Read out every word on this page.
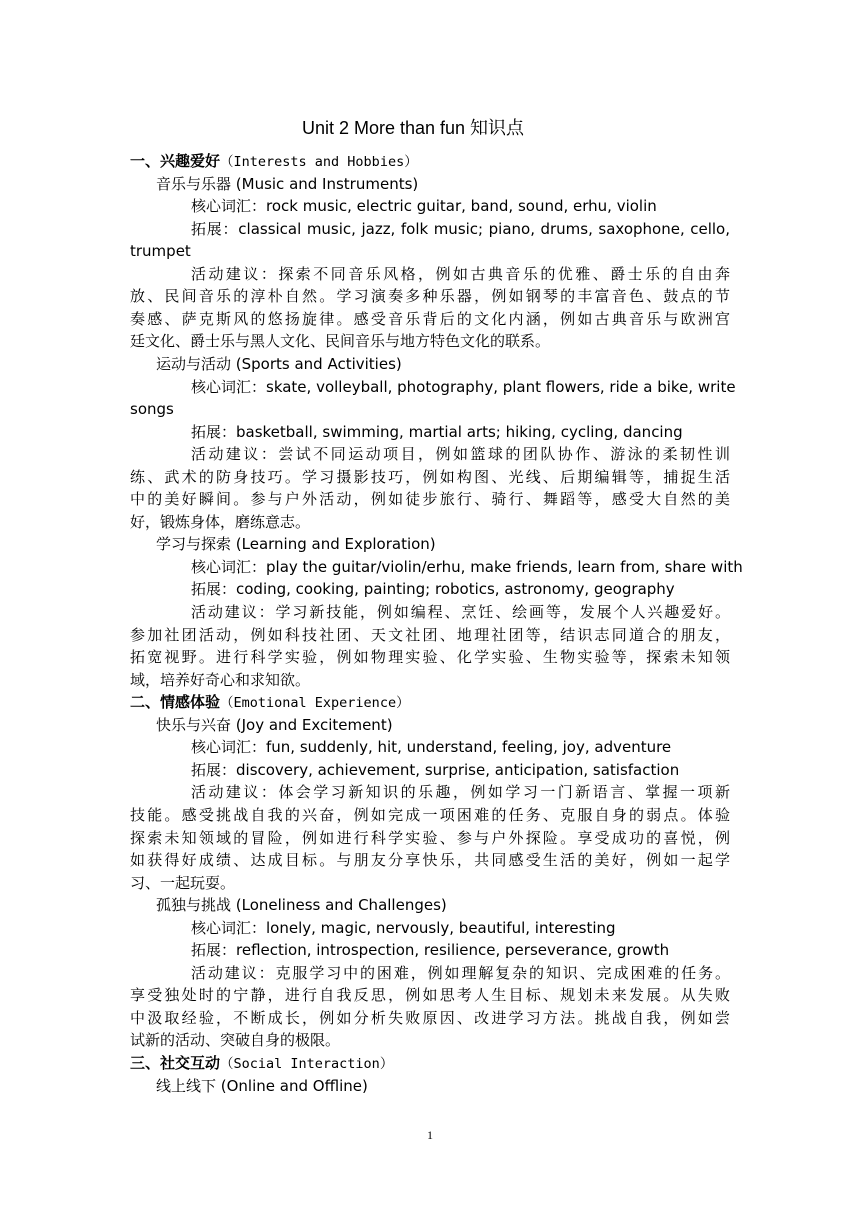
Unit 2 More than fun 知识点
一、兴趣爱好（Interests and Hobbies）
音乐与乐器 (Music and Instruments)
核心词汇：rock music, electric guitar, band, sound, erhu, violin
拓展：classical music, jazz, folk music; piano, drums, saxophone, cello,
trumpet
活动建议：探索不同音乐风格，例如古典音乐的优雅、爵士乐的自由奔
放、民间音乐的淳朴自然。学习演奏多种乐器，例如钢琴的丰富音色、鼓点的节
奏感、萨克斯风的悠扬旋律。感受音乐背后的文化内涵，例如古典音乐与欧洲宫
廷文化、爵士乐与黑人文化、民间音乐与地方特色文化的联系。
运动与活动 (Sports and Activities)
核心词汇：skate, volleyball, photography, plant flowers, ride a bike, write
songs
拓展：basketball, swimming, martial arts; hiking, cycling, dancing
活动建议：尝试不同运动项目，例如篮球的团队协作、游泳的柔韧性训
练、武术的防身技巧。学习摄影技巧，例如构图、光线、后期编辑等，捕捉生活
中的美好瞬间。参与户外活动，例如徒步旅行、骑行、舞蹈等，感受大自然的美
好，锻炼身体，磨练意志。
学习与探索 (Learning and Exploration)
核心词汇：play the guitar/violin/erhu, make friends, learn from, share with
拓展：coding, cooking, painting; robotics, astronomy, geography
活动建议：学习新技能，例如编程、烹饪、绘画等，发展个人兴趣爱好。
参加社团活动，例如科技社团、天文社团、地理社团等，结识志同道合的朋友，
拓宽视野。进行科学实验，例如物理实验、化学实验、生物实验等，探索未知领
域，培养好奇心和求知欲。
二、情感体验（Emotional Experience）
快乐与兴奋 (Joy and Excitement)
核心词汇：fun, suddenly, hit, understand, feeling, joy, adventure
拓展：discovery, achievement, surprise, anticipation, satisfaction
活动建议：体会学习新知识的乐趣，例如学习一门新语言、掌握一项新
技能。感受挑战自我的兴奋，例如完成一项困难的任务、克服自身的弱点。体验
探索未知领域的冒险，例如进行科学实验、参与户外探险。享受成功的喜悦，例
如获得好成绩、达成目标。与朋友分享快乐，共同感受生活的美好，例如一起学
习、一起玩耍。
孤独与挑战 (Loneliness and Challenges)
核心词汇：lonely, magic, nervously, beautiful, interesting
拓展：reflection, introspection, resilience, perseverance, growth
活动建议：克服学习中的困难，例如理解复杂的知识、完成困难的任务。
享受独处时的宁静，进行自我反思，例如思考人生目标、规划未来发展。从失败
中汲取经验，不断成长，例如分析失败原因、改进学习方法。挑战自我，例如尝
试新的活动、突破自身的极限。
三、社交互动（Social Interaction）
线上线下 (Online and Offline)
1
